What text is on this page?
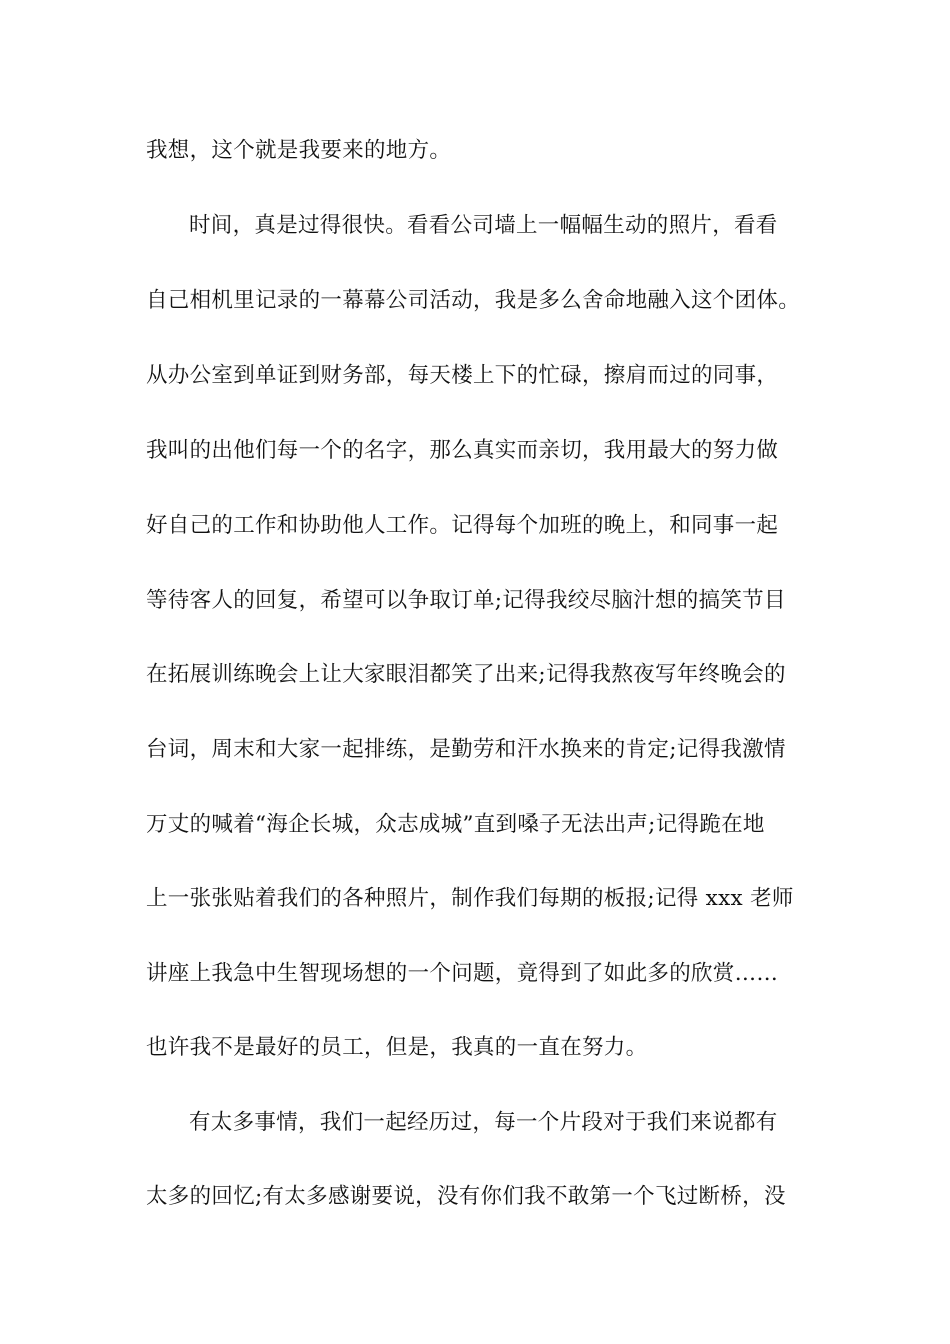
我想，这个就是我要来的地方。
时间，真是过得很快。看看公司墙上一幅幅生动的照片，看看
自己相机里记录的一幕幕公司活动，我是多么舍命地融入这个团体。
从办公室到单证到财务部，每天楼上下的忙碌，擦肩而过的同事，
我叫的出他们每一个的名字，那么真实而亲切，我用最大的努力做
好自己的工作和协助他人工作。记得每个加班的晚上，和同事一起
等待客人的回复，希望可以争取订单;记得我绞尽脑汁想的搞笑节目
在拓展训练晚会上让大家眼泪都笑了出来;记得我熬夜写年终晚会的
台词，周末和大家一起排练，是勤劳和汗水换来的肯定;记得我激情
万丈的喊着“海企长城，众志成城”直到嗓子无法出声;记得跪在地
上一张张贴着我们的各种照片，制作我们每期的板报;记得 xxx 老师
讲座上我急中生智现场想的一个问题，竟得到了如此多的欣赏……
也许我不是最好的员工，但是，我真的一直在努力。
有太多事情，我们一起经历过，每一个片段对于我们来说都有
太多的回忆;有太多感谢要说，没有你们我不敢第一个飞过断桥，没
